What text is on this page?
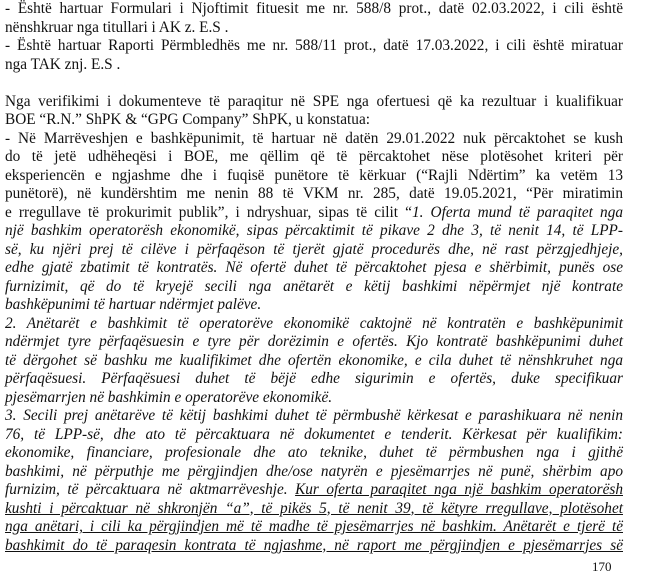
- Është hartuar Formulari i Njoftimit fituesit me nr. 588/8 prot., datë 02.03.2022, i cili është
nënshkruar nga titullari i AK z. E.S .
- Është hartuar Raporti Përmbledhës me nr. 588/11 prot., datë 17.03.2022, i cili është miratuar
nga TAK znj. E.S .
Nga verifikimi i dokumenteve të paraqitur në SPE nga ofertuesi që ka rezultuar i kualifikuar
BOE “R.N.” ShPK & “GPG Company” ShPK, u konstatua:
- Në Marrëveshjen e bashkëpunimit, të hartuar në datën 29.01.2022 nuk përcaktohet se kush
do të jetë udhëheqësi i BOE, me qëllim që të përcaktohet nëse plotësohet kriteri për
eksperiencën e ngjashme dhe i fuqisë punëtore të kërkuar (“Rajli Ndërtim” ka vetëm 13
punëtorë), në kundërshtim me nenin 88 të VKM nr. 285, datë 19.05.2021, “Për miratimin
e rregullave të prokurimit publik”, i ndryshuar, sipas të cilit “1. Oferta mund të paraqitet nga
një bashkim operatorësh ekonomikë, sipas përcaktimit të pikave 2 dhe 3, të nenit 14, të LPP-
së, ku njëri prej të cilëve i përfaqëson të tjerët gjatë procedurës dhe, në rast përzgjedhjeje,
edhe gjatë zbatimit të kontratës. Në ofertë duhet të përcaktohet pjesa e shërbimit, punës ose
furnizimit, që do të kryejë secili nga anëtarët e këtij bashkimi nëpërmjet një kontrate
bashkëpunimi të hartuar ndërmjet palëve.
2. Anëtarët e bashkimit të operatorëve ekonomikë caktojnë në kontratën e bashkëpunimit
ndërmjet tyre përfaqësuesin e tyre për dorëzimin e ofertës. Kjo kontratë bashkëpunimi duhet
të dërgohet së bashku me kualifikimet dhe ofertën ekonomike, e cila duhet të nënshkruhet nga
përfaqësuesi. Përfaqësuesi duhet të bëjë edhe sigurimin e ofertës, duke specifikuar
pjesëmarrjen në bashkimin e operatorëve ekonomikë.
3. Secili prej anëtarëve të këtij bashkimi duhet të përmbushë kërkesat e parashikuara në nenin
76, të LPP-së, dhe ato të përcaktuara në dokumentet e tenderit. Kërkesat për kualifikim:
ekonomike, financiare, profesionale dhe ato teknike, duhet të përmbushen nga i gjithë
bashkimi, në përputhje me përgjindjen dhe/ose natyrën e pjesëmarrjes në punë, shërbim apo
furnizim, të përcaktuara në aktmarrëveshje. Kur oferta paraqitet nga një bashkim operatorësh
kushti i përcaktuar në shkronjën “a”, të pikës 5, të nenit 39, të këtyre rregullave, plotësohet
nga anëtari, i cili ka përgjindjen më të madhe të pjesëmarrjes në bashkim. Anëtarët e tjerë të
bashkimit do të paraqesin kontrata të ngjashme, në raport me përgjindjen e pjesëmarrjes së
170
